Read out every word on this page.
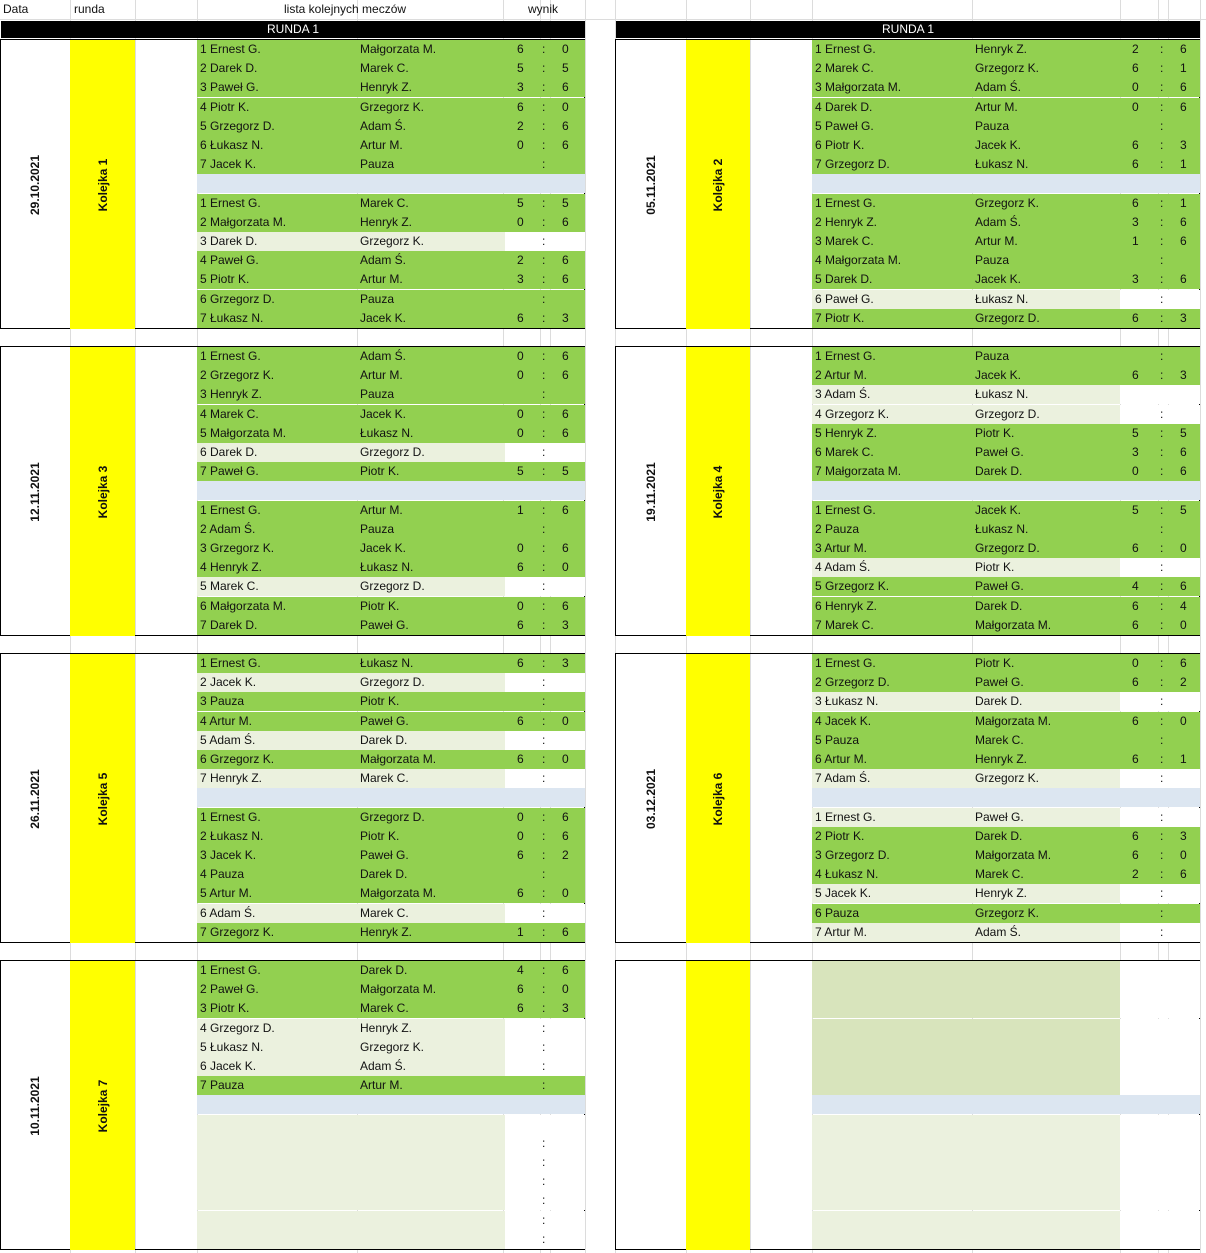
Data	runda	lista kolejnych meczów	wynik
RUNDA 1	RUNDA 1
29.10.2021	Kolejka 1
1 Ernest G.	Małgorzata M.	6 : 0
2 Darek D.	Marek C.	5 : 5
3 Paweł G.	Henryk Z.	3 : 6
4 Piotr K.	Grzegorz K.	6 : 0
5 Grzegorz D.	Adam Ś.	2 : 6
6 Łukasz N.	Artur M.	0 : 6
7 Jacek K.	Pauza	:
1 Ernest G.	Marek C.	5 : 5
2 Małgorzata M.	Henryk Z.	0 : 6
3 Darek D.	Grzegorz K.	:
4 Paweł G.	Adam Ś.	2 : 6
5 Piotr K.	Artur M.	3 : 6
6 Grzegorz D.	Pauza	:
7 Łukasz N.	Jacek K.	6 : 3
05.11.2021	Kolejka 2
1 Ernest G.	Henryk Z.	2 : 6
2 Marek C.	Grzegorz K.	6 : 1
3 Małgorzata M.	Adam Ś.	0 : 6
4 Darek D.	Artur M.	0 : 6
5 Paweł G.	Pauza	:
6 Piotr K.	Jacek K.	6 : 3
7 Grzegorz D.	Łukasz N.	6 : 1
1 Ernest G.	Grzegorz K.	6 : 1
2 Henryk Z.	Adam Ś.	3 : 6
3 Marek C.	Artur M.	1 : 6
4 Małgorzata M.	Pauza	:
5 Darek D.	Jacek K.	3 : 6
6 Paweł G.	Łukasz N.	:
7 Piotr K.	Grzegorz D.	6 : 3
12.11.2021	Kolejka 3
1 Ernest G.	Adam Ś.	0 : 6
2 Grzegorz K.	Artur M.	0 : 6
3 Henryk Z.	Pauza	:
4 Marek C.	Jacek K.	0 : 6
5 Małgorzata M.	Łukasz N.	0 : 6
6 Darek D.	Grzegorz D.	:
7 Paweł G.	Piotr K.	5 : 5
1 Ernest G.	Artur M.	1 : 6
2 Adam Ś.	Pauza	:
3 Grzegorz K.	Jacek K.	0 : 6
4 Henryk Z.	Łukasz N.	6 : 0
5 Marek C.	Grzegorz D.	:
6 Małgorzata M.	Piotr K.	0 : 6
7 Darek D.	Paweł G.	6 : 3
19.11.2021	Kolejka 4
1 Ernest G.	Pauza	:
2 Artur M.	Jacek K.	6 : 3
3 Adam Ś.	Łukasz N.
4 Grzegorz K.	Grzegorz D.	:
5 Henryk Z.	Piotr K.	5 : 5
6 Marek C.	Paweł G.	3 : 6
7 Małgorzata M.	Darek D.	0 : 6
1 Ernest G.	Jacek K.	5 : 5
2 Pauza	Łukasz N.	:
3 Artur M.	Grzegorz D.	6 : 0
4 Adam Ś.	Piotr K.	:
5 Grzegorz K.	Paweł G.	4 : 6
6 Henryk Z.	Darek D.	6 : 4
7 Marek C.	Małgorzata M.	6 : 0
26.11.2021	Kolejka 5
1 Ernest G.	Łukasz N.	6 : 3
2 Jacek K.	Grzegorz D.	:
3 Pauza	Piotr K.	:
4 Artur M.	Paweł G.	6 : 0
5 Adam Ś.	Darek D.	:
6 Grzegorz K.	Małgorzata M.	6 : 0
7 Henryk Z.	Marek C.	:
1 Ernest G.	Grzegorz D.	0 : 6
2 Łukasz N.	Piotr K.	0 : 6
3 Jacek K.	Paweł G.	6 : 2
4 Pauza	Darek D.	:
5 Artur M.	Małgorzata M.	6 : 0
6 Adam Ś.	Marek C.	:
7 Grzegorz K.	Henryk Z.	1 : 6
03.12.2021	Kolejka 6
1 Ernest G.	Piotr K.	0 : 6
2 Grzegorz D.	Paweł G.	6 : 2
3 Łukasz N.	Darek D.	:
4 Jacek K.	Małgorzata M.	6 : 0
5 Pauza	Marek C.	:
6 Artur M.	Henryk Z.	6 : 1
7 Adam Ś.	Grzegorz K.	:
1 Ernest G.	Paweł G.	:
2 Piotr K.	Darek D.	6 : 3
3 Grzegorz D.	Małgorzata M.	6 : 0
4 Łukasz N.	Marek C.	2 : 6
5 Jacek K.	Henryk Z.	:
6 Pauza	Grzegorz K.	:
7 Artur M.	Adam Ś.	:
10.11.2021	Kolejka 7
1 Ernest G.	Darek D.	4 : 6
2 Paweł G.	Małgorzata M.	6 : 0
3 Piotr K.	Marek C.	6 : 3
4 Grzegorz D.	Henryk Z.	:
5 Łukasz N.	Grzegorz K.	:
6 Jacek K.	Adam Ś.	:
7 Pauza	Artur M.	:
:
:
:
:
:
:
